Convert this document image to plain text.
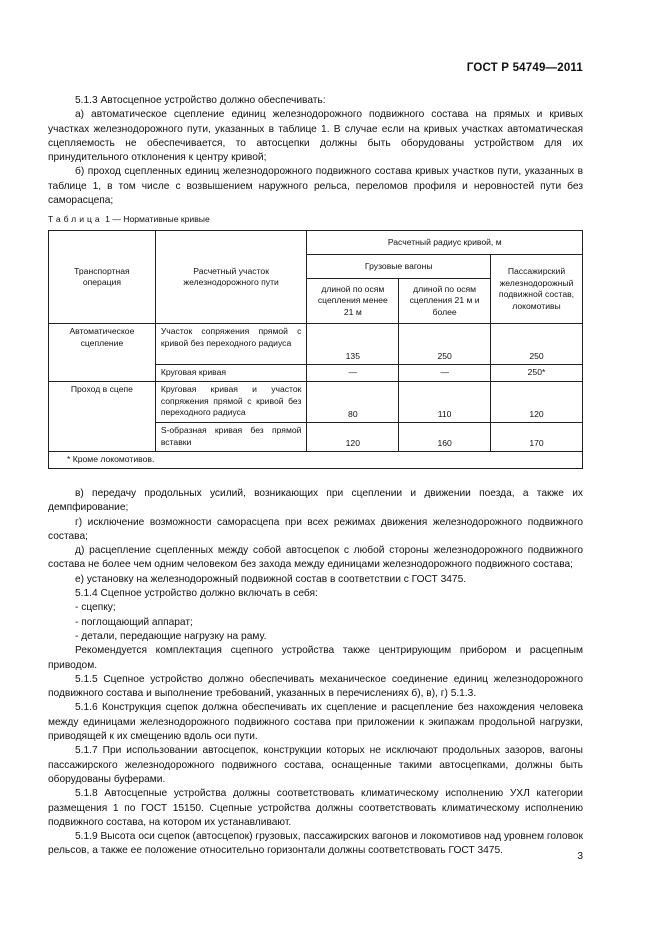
ГОСТ Р 54749—2011

5.1.3 Автосцепное устройство должно обеспечивать:

а) автоматическое сцепление единиц железнодорожного подвижного состава на прямых и кривых участках железнодорожного пути, указанных в таблице 1. В случае если на кривых участках автоматическая сцепляемость не обеспечивается, то автосцепки должны быть оборудованы устройством для их принудительного отклонения к центру кривой;

б) проход сцепленных единиц железнодорожного подвижного состава кривых участков пути, указанных в таблице 1, в том числе с возвышением наружного рельса, переломов профиля и неровностей пути без саморасцепа;

Таблица 1 — Нормативные кривые
Транспортная операция	Расчетный участок железнодорожного пути	Расчетный радиус кривой, м		
		Грузовые вагоны		Пассажирский железнодорожный подвижной состав, локомотивы
		длиной по осям сцепления менее 21 м	длиной по осям сцепления 21 м и более	
Автоматическое сцепление	Участок сопряжения прямой с кривой без переходного радиуса	135	250	250
	Круговая кривая	—	—	250*
Проход в сцепе	Круговая кривая и участок сопряжения прямой с кривой без переходного радиуса	80	110	120
	S-образная кривая без прямой вставки	120	160	170
* Кроме локомотивов.				

в) передачу продольных усилий, возникающих при сцеплении и движении поезда, а также их демпфирование;

г) исключение возможности саморасцепа при всех режимах движения железнодорожного подвижного состава;

д) расцепление сцепленных между собой автосцепок с любой стороны железнодорожного подвижного состава не более чем одним человеком без захода между единицами железнодорожного подвижного состава;

е) установку на железнодорожный подвижной состав в соответствии с ГОСТ 3475.

5.1.4 Сцепное устройство должно включать в себя:

- сцепку;

- поглощающий аппарат;

- детали, передающие нагрузку на раму.

Рекомендуется комплектация сцепного устройства также центрирующим прибором и расцепным приводом.

5.1.5 Сцепное устройство должно обеспечивать механическое соединение единиц железнодорожного подвижного состава и выполнение требований, указанных в перечислениях б), в), г) 5.1.3.

5.1.6 Конструкция сцепок должна обеспечивать их сцепление и расцепление без нахождения человека между единицами железнодорожного подвижного состава при приложении к экипажам продольной нагрузки, приводящей к их смещению вдоль оси пути.

5.1.7 При использовании автосцепок, конструкции которых не исключают продольных зазоров, вагоны пассажирского железнодорожного подвижного состава, оснащенные такими автосцепками, должны быть оборудованы буферами.

5.1.8 Автосцепные устройства должны соответствовать климатическому исполнению УХЛ категории размещения 1 по ГОСТ 15150. Сцепные устройства должны соответствовать климатическому исполнению подвижного состава, на котором их устанавливают.

5.1.9 Высота оси сцепок (автосцепок) грузовых, пассажирских вагонов и локомотивов над уровнем головок рельсов, а также ее положение относительно горизонтали должны соответствовать ГОСТ 3475.

3
